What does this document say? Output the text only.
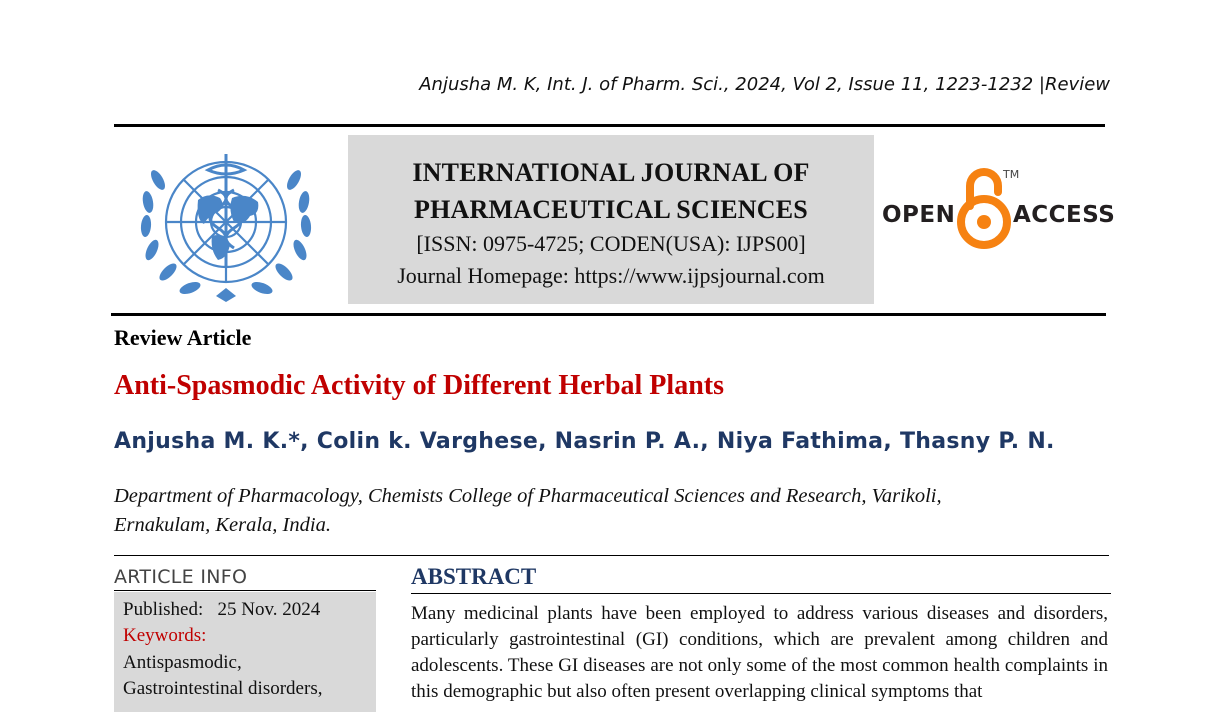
Anjusha M. K, Int. J. of Pharm. Sci., 2024, Vol 2, Issue 11, 1223-1232 |Review
INTERNATIONAL JOURNAL OF
PHARMACEUTICAL SCIENCES
[ISSN: 0975-4725; CODEN(USA): IJPS00]
Journal Homepage: https://www.ijpsjournal.com
OPEN
TM
ACCESS
Review Article
Anti-Spasmodic Activity of Different Herbal Plants
Anjusha M. K.*, Colin k. Varghese, Nasrin P. A., Niya Fathima, Thasny P. N.
Department of Pharmacology, Chemists College of Pharmaceutical Sciences and Research, Varikoli,
Ernakulam, Kerala, India.
ARTICLE INFO
Published: 25 Nov. 2024
Keywords:
Antispasmodic,
Gastrointestinal disorders,
ABSTRACT
Many medicinal plants have been employed to address various diseases and disorders, particularly gastrointestinal (GI) conditions, which are prevalent among children and adolescents. These GI diseases are not only some of the most common health complaints in this demographic but also often present overlapping clinical symptoms that
